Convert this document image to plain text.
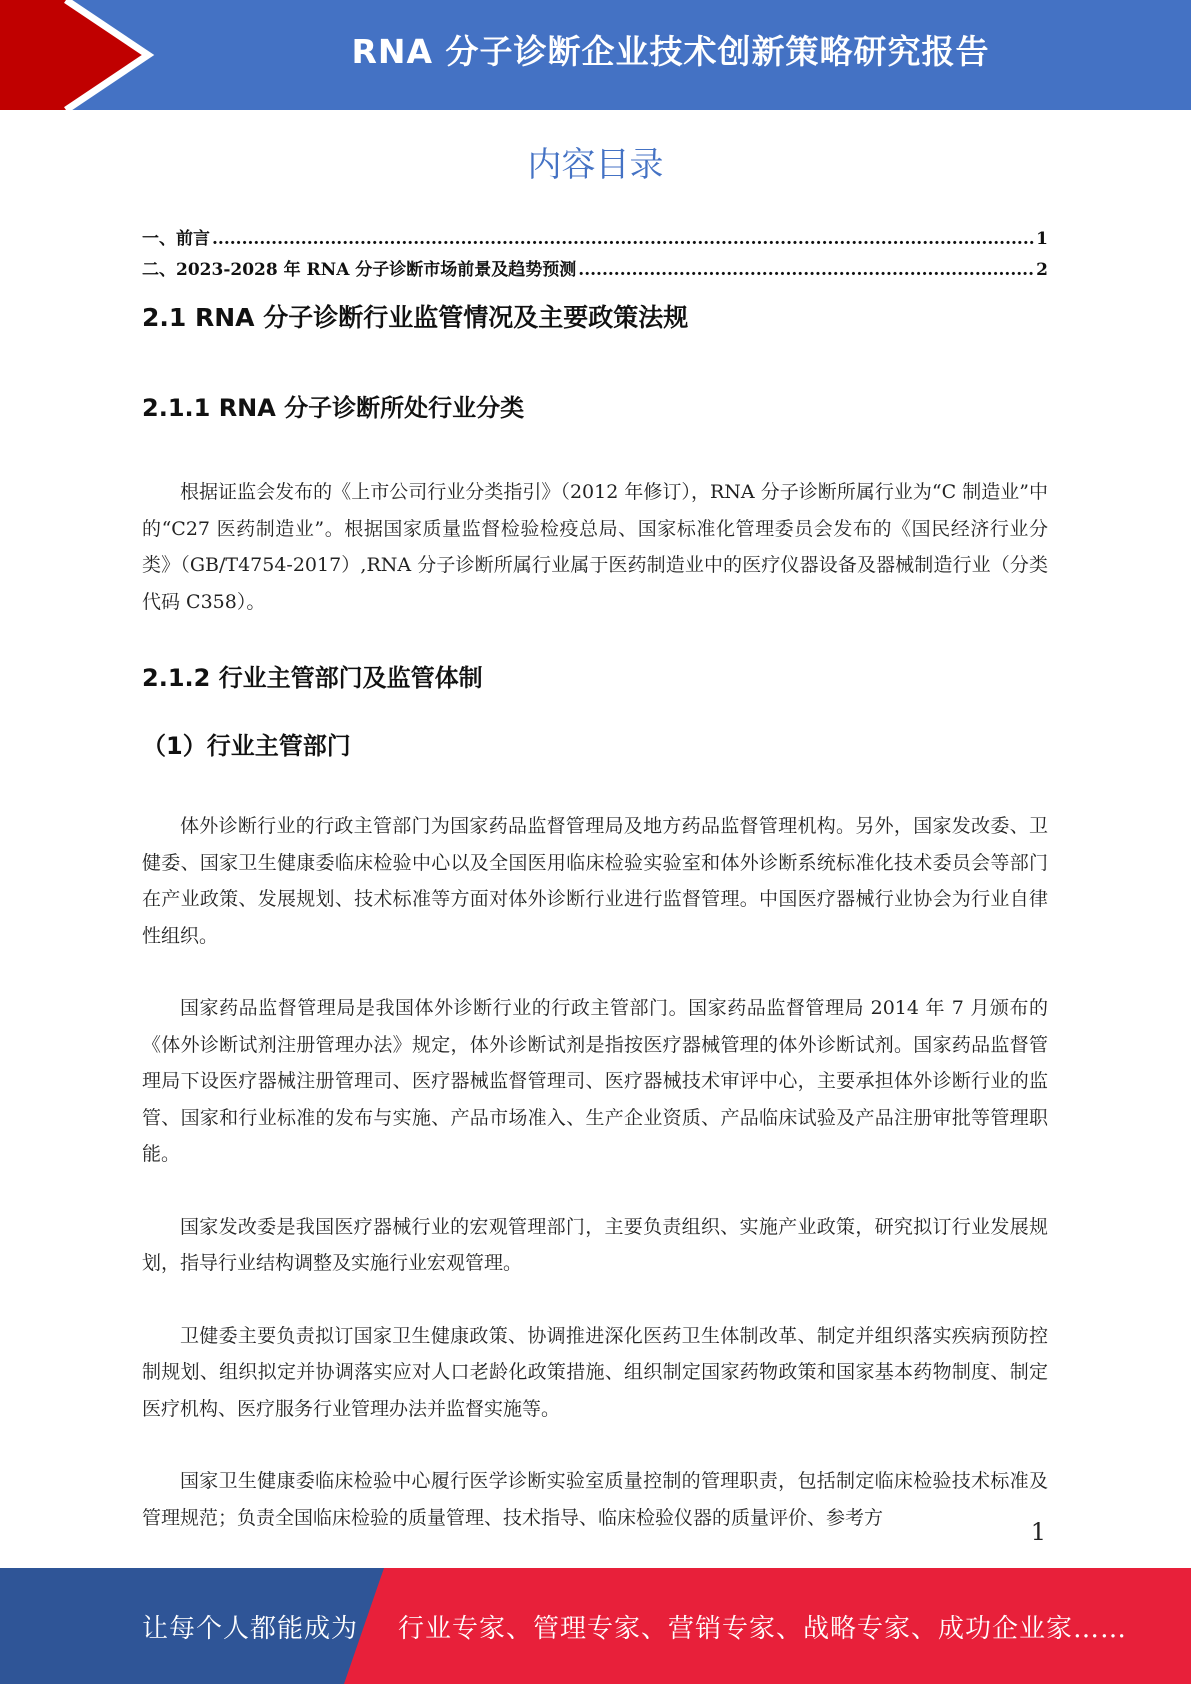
RNA 分子诊断企业技术创新策略研究报告
内容目录
一、前言 .....	1
二、2023-2028 年 RNA 分子诊断市场前景及趋势预测 .....	2
2.1 RNA 分子诊断行业监管情况及主要政策法规
2.1.1 RNA 分子诊断所处行业分类

根据证监会发布的《上市公司行业分类指引》（2012 年修订），RNA 分子诊断所属行业为“C 制造业”中的“C27 医药制造业”。根据国家质量监督检验检疫总局、国家标准化管理委员会发布的《国民经济行业分类》（GB/T4754-2017）,RNA 分子诊断所属行业属于医药制造业中的医疗仪器设备及器械制造行业（分类代码 C358）。

2.1.2 行业主管部门及监管体制
（1）行业主管部门

体外诊断行业的行政主管部门为国家药品监督管理局及地方药品监督管理机构。另外，国家发改委、卫健委、国家卫生健康委临床检验中心以及全国医用临床检验实验室和体外诊断系统标准化技术委员会等部门在产业政策、发展规划、技术标准等方面对体外诊断行业进行监督管理。中国医疗器械行业协会为行业自律性组织。

国家药品监督管理局是我国体外诊断行业的行政主管部门。国家药品监督管理局 2014 年 7 月颁布的《体外诊断试剂注册管理办法》规定，体外诊断试剂是指按医疗器械管理的体外诊断试剂。国家药品监督管理局下设医疗器械注册管理司、医疗器械监督管理司、医疗器械技术审评中心，主要承担体外诊断行业的监管、国家和行业标准的发布与实施、产品市场准入、生产企业资质、产品临床试验及产品注册审批等管理职能。

国家发改委是我国医疗器械行业的宏观管理部门，主要负责组织、实施产业政策，研究拟订行业发展规划，指导行业结构调整及实施行业宏观管理。

卫健委主要负责拟订国家卫生健康政策、协调推进深化医药卫生体制改革、制定并组织落实疾病预防控制规划、组织拟定并协调落实应对人口老龄化政策措施、组织制定国家药物政策和国家基本药物制度、制定医疗机构、医疗服务行业管理办法并监督实施等。

国家卫生健康委临床检验中心履行医学诊断实验室质量控制的管理职责，包括制定临床检验技术标准及管理规范；负责全国临床检验的质量管理、技术指导、临床检验仪器的质量评价、参考方

1
让每个人都能成为 行业专家、管理专家、营销专家、战略专家、成功企业家……
